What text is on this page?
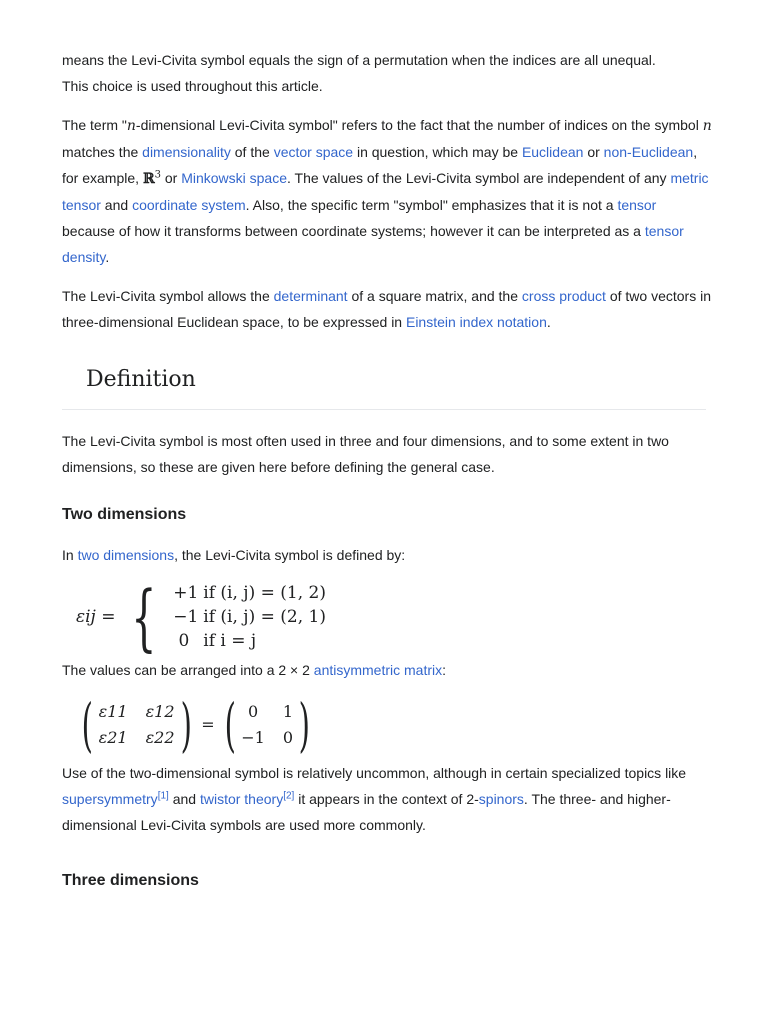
means the Levi-Civita symbol equals the sign of a permutation when the indices are all unequal.
This choice is used throughout this article.

The term "n-dimensional Levi-Civita symbol" refers to the fact that the number of indices on the symbol n matches the dimensionality of the vector space in question, which may be Euclidean or non-Euclidean, for example, ℝ$^3$ or Minkowski space. The values of the Levi-Civita symbol are independent of any metric tensor and coordinate system. Also, the specific term "symbol" emphasizes that it is not a tensor because of how it transforms between coordinate systems; however it can be interpreted as a tensor density.

The Levi-Civita symbol allows the determinant of a square matrix, and the cross product of two vectors in three-dimensional Euclidean space, to be expressed in Einstein index notation.

Definition

The Levi-Civita symbol is most often used in three and four dimensions, and to some extent in two dimensions, so these are given here before defining the general case.

Two dimensions

In two dimensions, the Levi-Civita symbol is defined by:

εij = { +1 if (i, j) = (1, 2)
−1 if (i, j) = (2, 1)
0 if i = j

The values can be arranged into a 2 × 2 antisymmetric matrix:

( ε11 ε12
ε21 ε22 ) = ( 0	1
−1 0 )

Use of the two-dimensional symbol is relatively uncommon, although in certain specialized topics like supersymmetry[1] and twistor theory[2] it appears in the context of 2-spinors. The three- and higher-dimensional Levi-Civita symbols are used more commonly.

Three dimensions
